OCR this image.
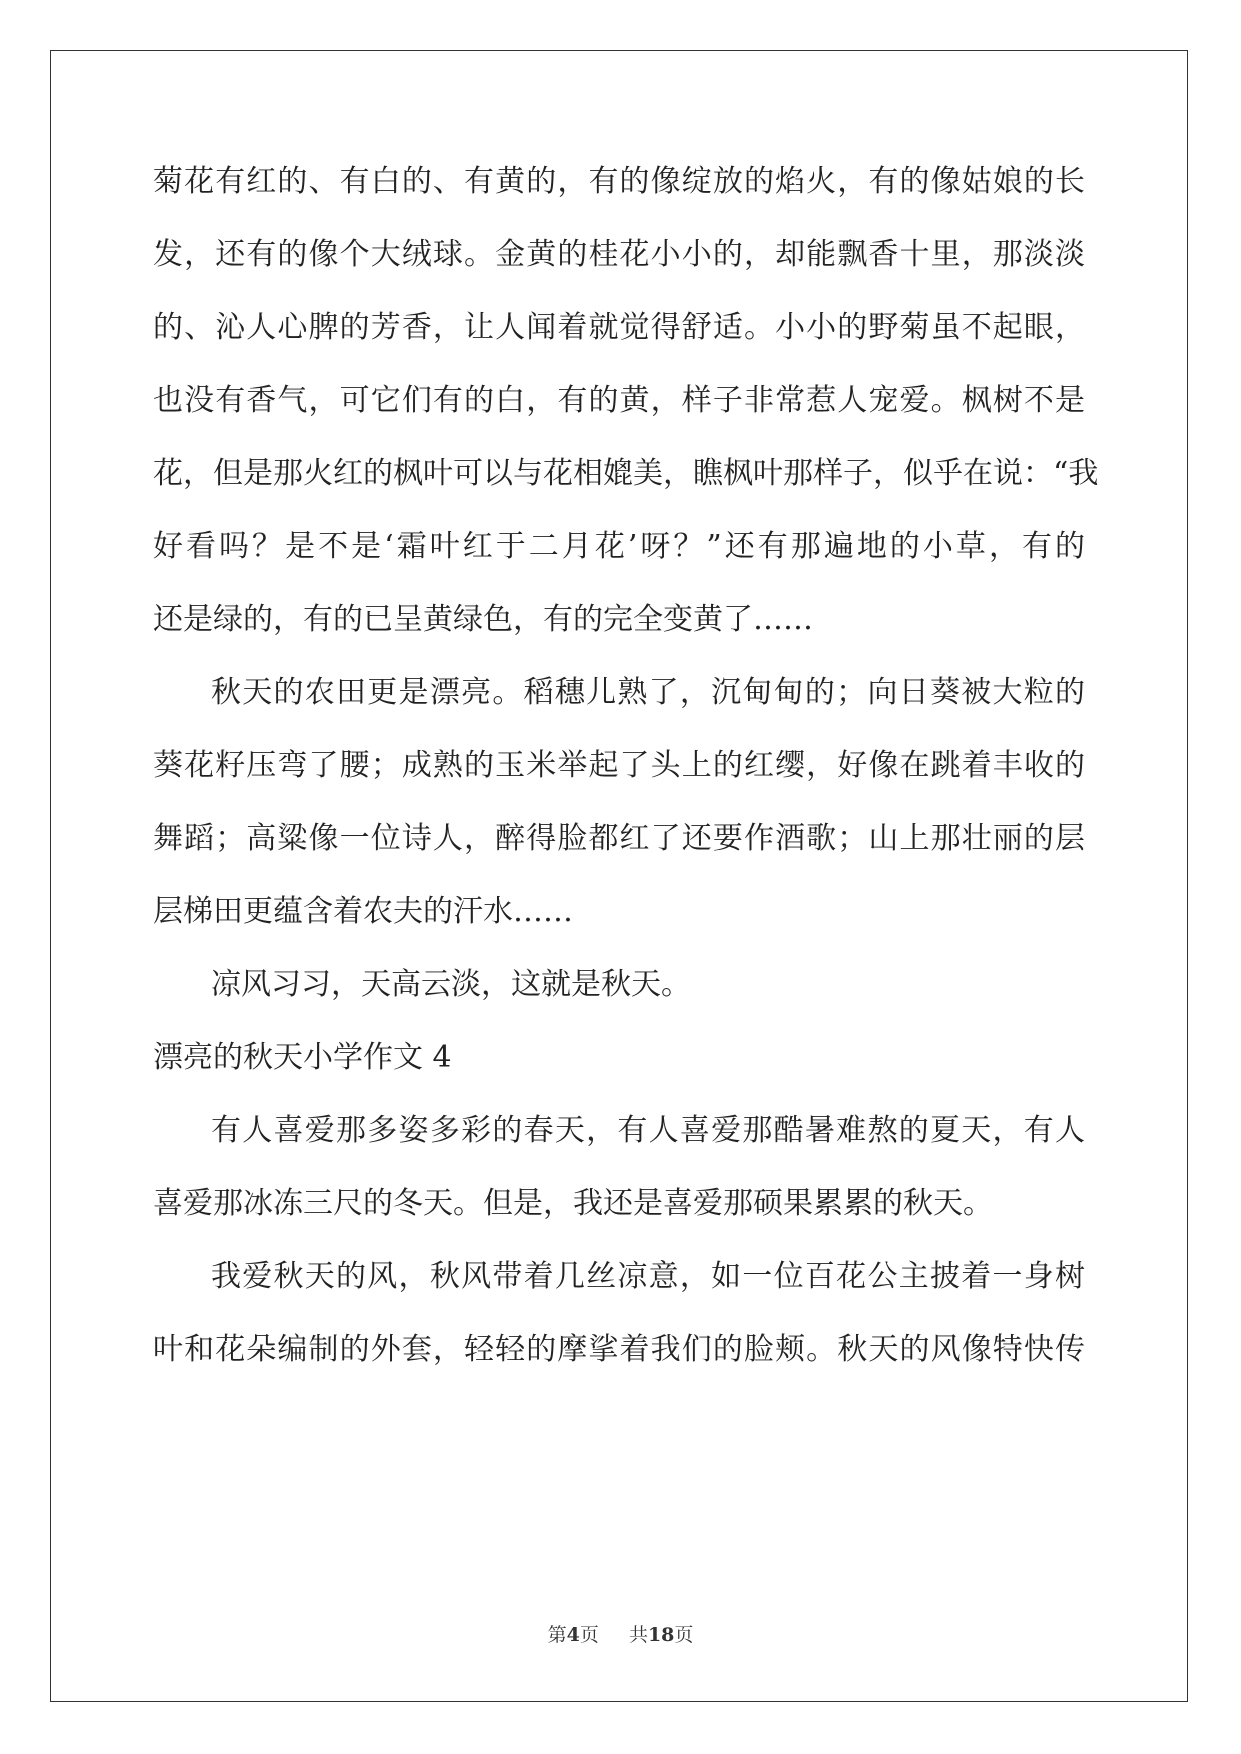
菊花有红的、有白的、有黄的，有的像绽放的焰火，有的像姑娘的长
发，还有的像个大绒球。金黄的桂花小小的，却能飘香十里，那淡淡
的、沁人心脾的芳香，让人闻着就觉得舒适。小小的野菊虽不起眼，
也没有香气，可它们有的白，有的黄，样子非常惹人宠爱。枫树不是
花，但是那火红的枫叶可以与花相媲美，瞧枫叶那样子，似乎在说：“我
好看吗？是不是‘霜叶红于二月花’呀？”还有那遍地的小草，有的
还是绿的，有的已呈黄绿色，有的完全变黄了……
秋天的农田更是漂亮。稻穗儿熟了，沉甸甸的；向日葵被大粒的
葵花籽压弯了腰；成熟的玉米举起了头上的红缨，好像在跳着丰收的
舞蹈；高粱像一位诗人，醉得脸都红了还要作酒歌；山上那壮丽的层
层梯田更蕴含着农夫的汗水……
凉风习习，天高云淡，这就是秋天。
漂亮的秋天小学作文 4
有人喜爱那多姿多彩的春天，有人喜爱那酷暑难熬的夏天，有人
喜爱那冰冻三尺的冬天。但是，我还是喜爱那硕果累累的秋天。
我爱秋天的风，秋风带着几丝凉意，如一位百花公主披着一身树
叶和花朵编制的外套，轻轻的摩挲着我们的脸颊。秋天的风像特快传
第4页 共18页
